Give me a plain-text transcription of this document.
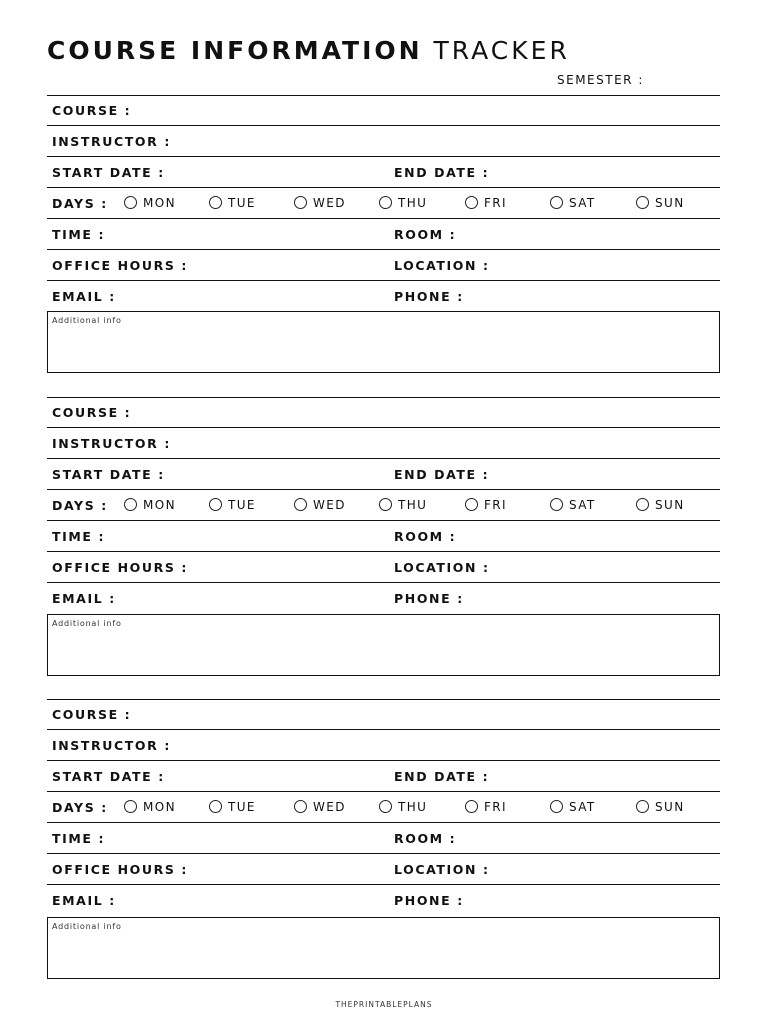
COURSE INFORMATION TRACKER
SEMESTER :
COURSE :
INSTRUCTOR :
START DATE :	END DATE :
DAYS :	MON	TUE	WED	THU	FRI	SAT	SUN
TIME :	ROOM :
OFFICE HOURS :	LOCATION :
EMAIL :	PHONE :
Additional info
COURSE :
INSTRUCTOR :
START DATE :	END DATE :
DAYS :	MON	TUE	WED	THU	FRI	SAT	SUN
TIME :	ROOM :
OFFICE HOURS :	LOCATION :
EMAIL :	PHONE :
Additional info
COURSE :
INSTRUCTOR :
START DATE :	END DATE :
DAYS :	MON	TUE	WED	THU	FRI	SAT	SUN
TIME :	ROOM :
OFFICE HOURS :	LOCATION :
EMAIL :	PHONE :
Additional info
THEPRINTABLEPLANS
